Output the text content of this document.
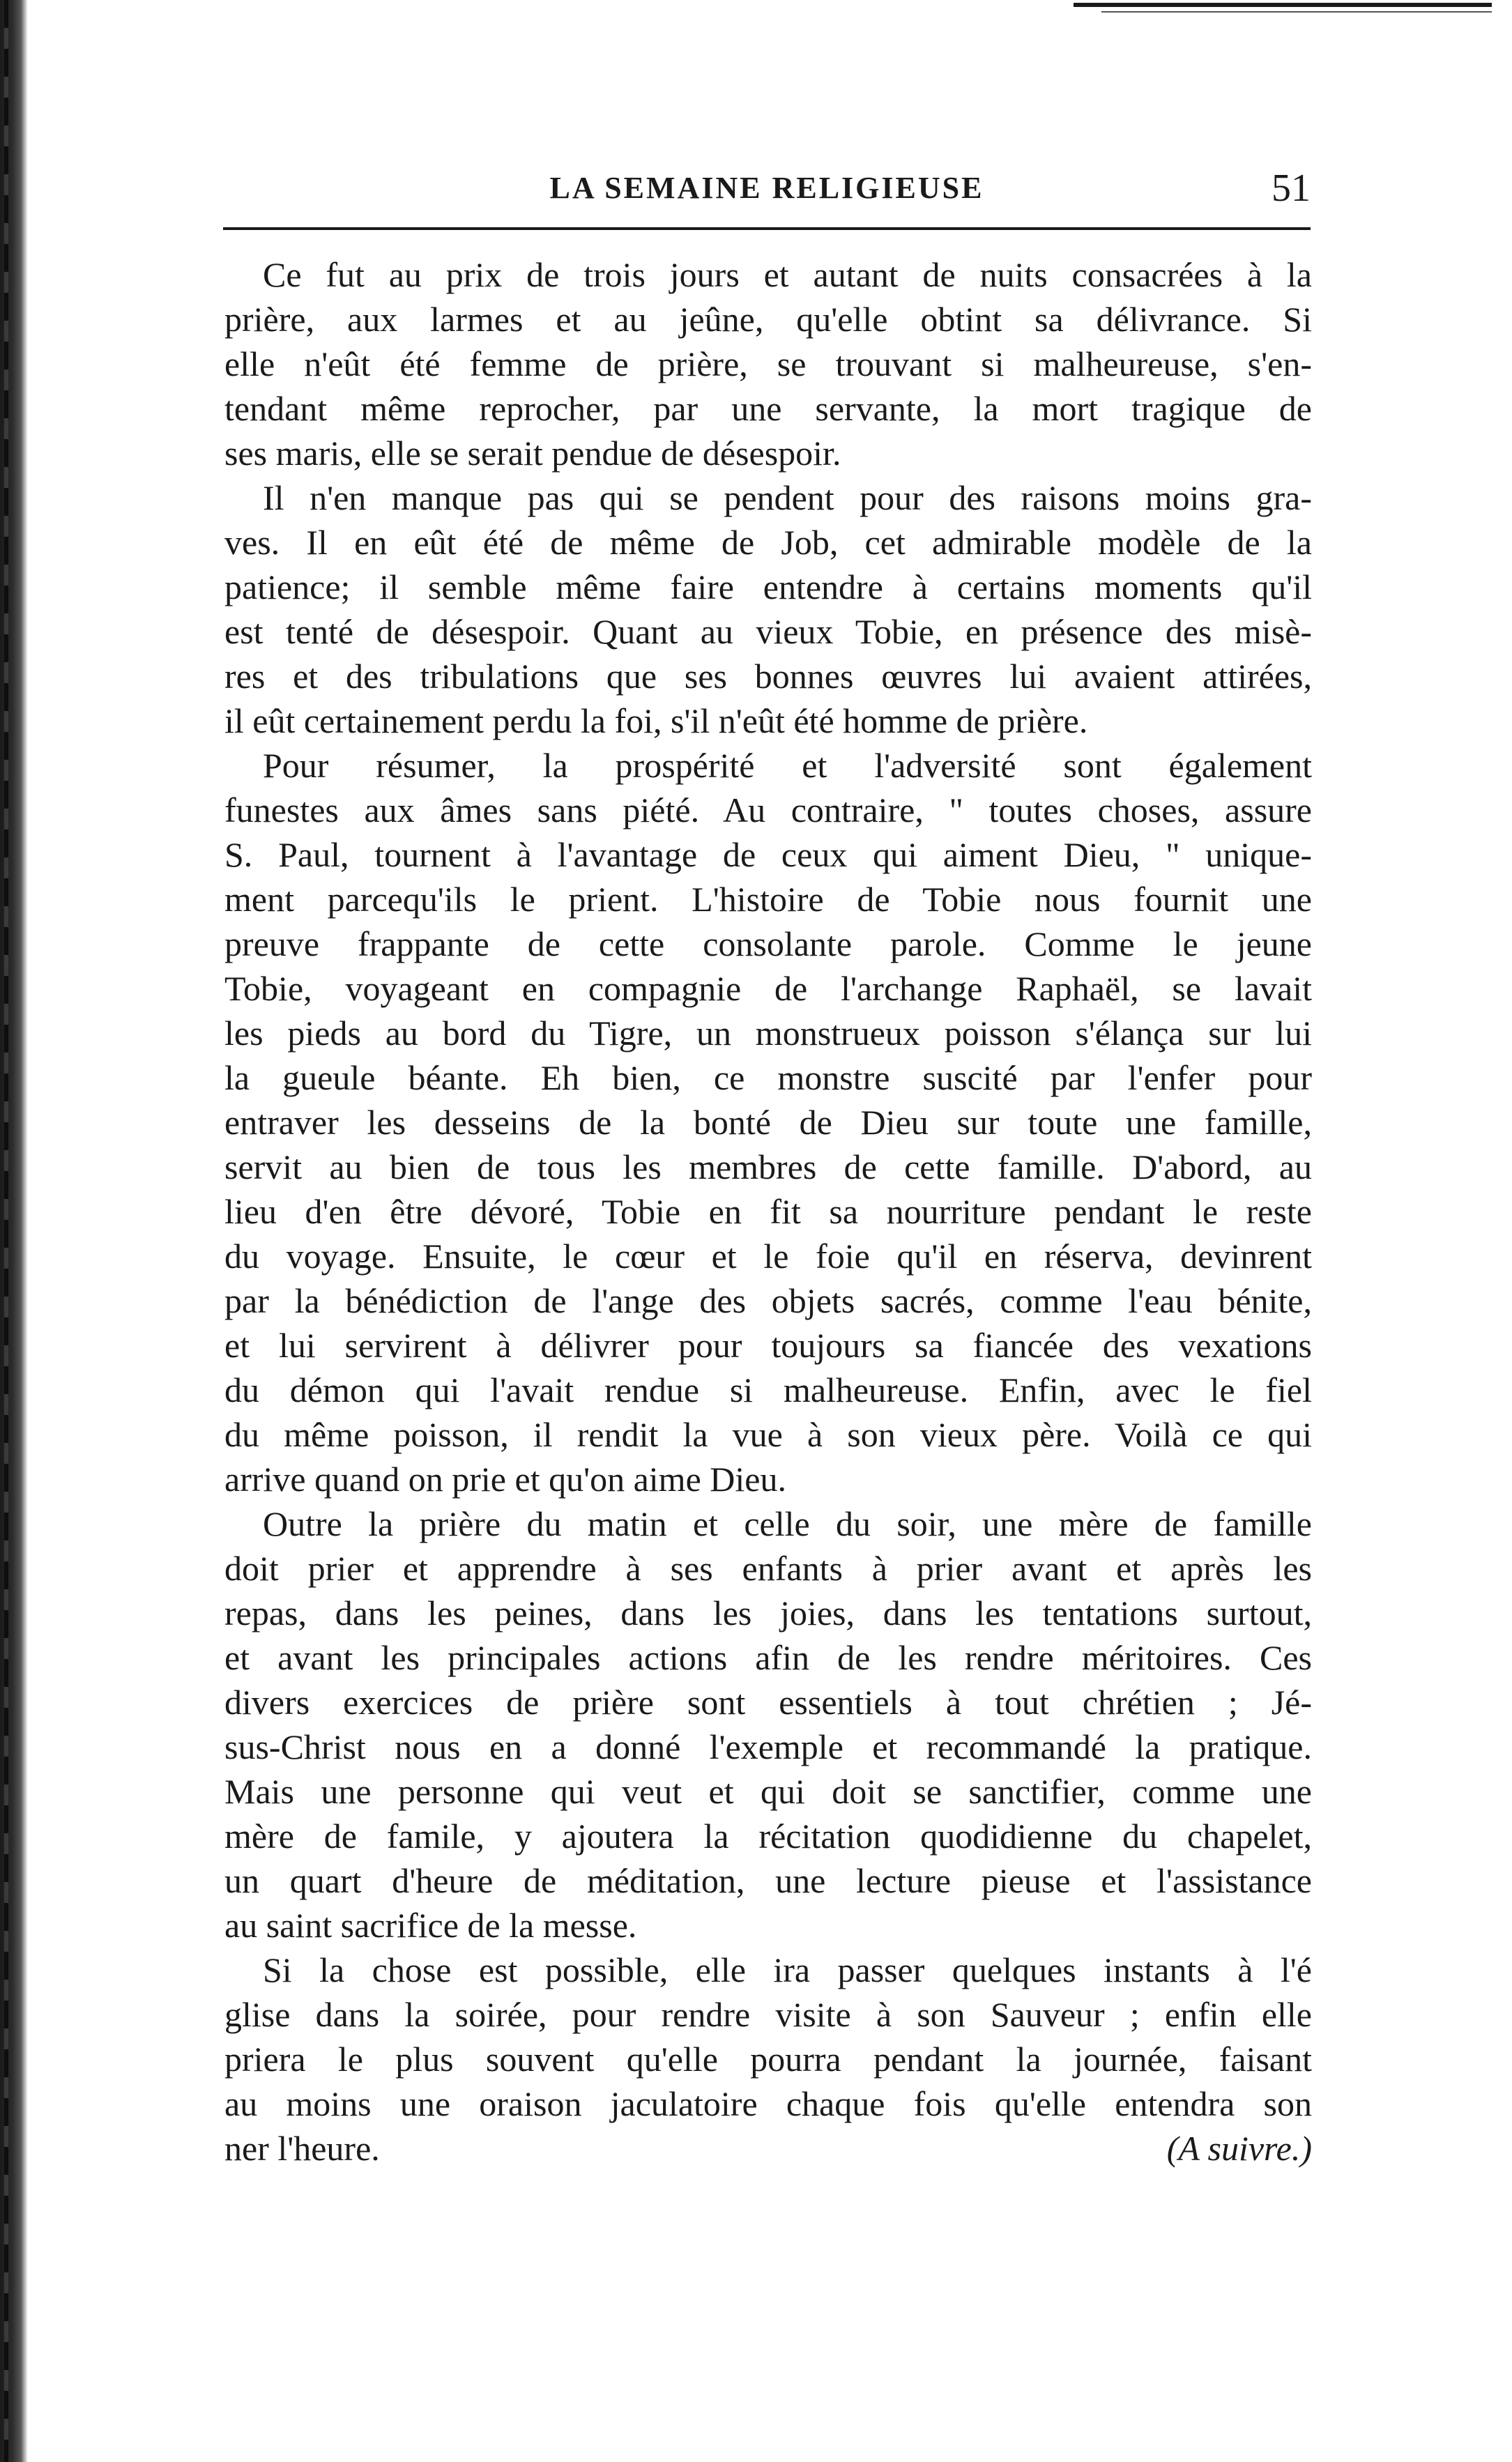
LA SEMAINE RELIGIEUSE	51
Ce fut au prix de trois jours et autant de nuits consacrées à la
prière, aux larmes et au jeûne, qu'elle obtint sa délivrance. Si
elle n'eût été femme de prière, se trouvant si malheureuse, s'en-
tendant même reprocher, par une servante, la mort tragique de
ses maris, elle se serait pendue de désespoir.
Il n'en manque pas qui se pendent pour des raisons moins gra-
ves. Il en eût été de même de Job, cet admirable modèle de la
patience; il semble même faire entendre à certains moments qu'il
est tenté de désespoir. Quant au vieux Tobie, en présence des misè-
res et des tribulations que ses bonnes œuvres lui avaient attirées,
il eût certainement perdu la foi, s'il n'eût été homme de prière.
Pour résumer, la prospérité et l'adversité sont également
funestes aux âmes sans piété. Au contraire, " toutes choses, assure
S. Paul, tournent à l'avantage de ceux qui aiment Dieu, " unique-
ment parcequ'ils le prient. L'histoire de Tobie nous fournit une
preuve frappante de cette consolante parole. Comme le jeune
Tobie, voyageant en compagnie de l'archange Raphaël, se lavait
les pieds au bord du Tigre, un monstrueux poisson s'élança sur lui
la gueule béante. Eh bien, ce monstre suscité par l'enfer pour
entraver les desseins de la bonté de Dieu sur toute une famille,
servit au bien de tous les membres de cette famille. D'abord, au
lieu d'en être dévoré, Tobie en fit sa nourriture pendant le reste
du voyage. Ensuite, le cœur et le foie qu'il en réserva, devinrent
par la bénédiction de l'ange des objets sacrés, comme l'eau bénite,
et lui servirent à délivrer pour toujours sa fiancée des vexations
du démon qui l'avait rendue si malheureuse. Enfin, avec le fiel
du même poisson, il rendit la vue à son vieux père. Voilà ce qui
arrive quand on prie et qu'on aime Dieu.
Outre la prière du matin et celle du soir, une mère de famille
doit prier et apprendre à ses enfants à prier avant et après les
repas, dans les peines, dans les joies, dans les tentations surtout,
et avant les principales actions afin de les rendre méritoires. Ces
divers exercices de prière sont essentiels à tout chrétien ; Jé-
sus-Christ nous en a donné l'exemple et recommandé la pratique.
Mais une personne qui veut et qui doit se sanctifier, comme une
mère de famile, y ajoutera la récitation quodidienne du chapelet,
un quart d'heure de méditation, une lecture pieuse et l'assistance
au saint sacrifice de la messe.
Si la chose est possible, elle ira passer quelques instants à l'é
glise dans la soirée, pour rendre visite à son Sauveur ; enfin elle
priera le plus souvent qu'elle pourra pendant la journée, faisant
au moins une oraison jaculatoire chaque fois qu'elle entendra son
ner l'heure.	(A suivre.)
